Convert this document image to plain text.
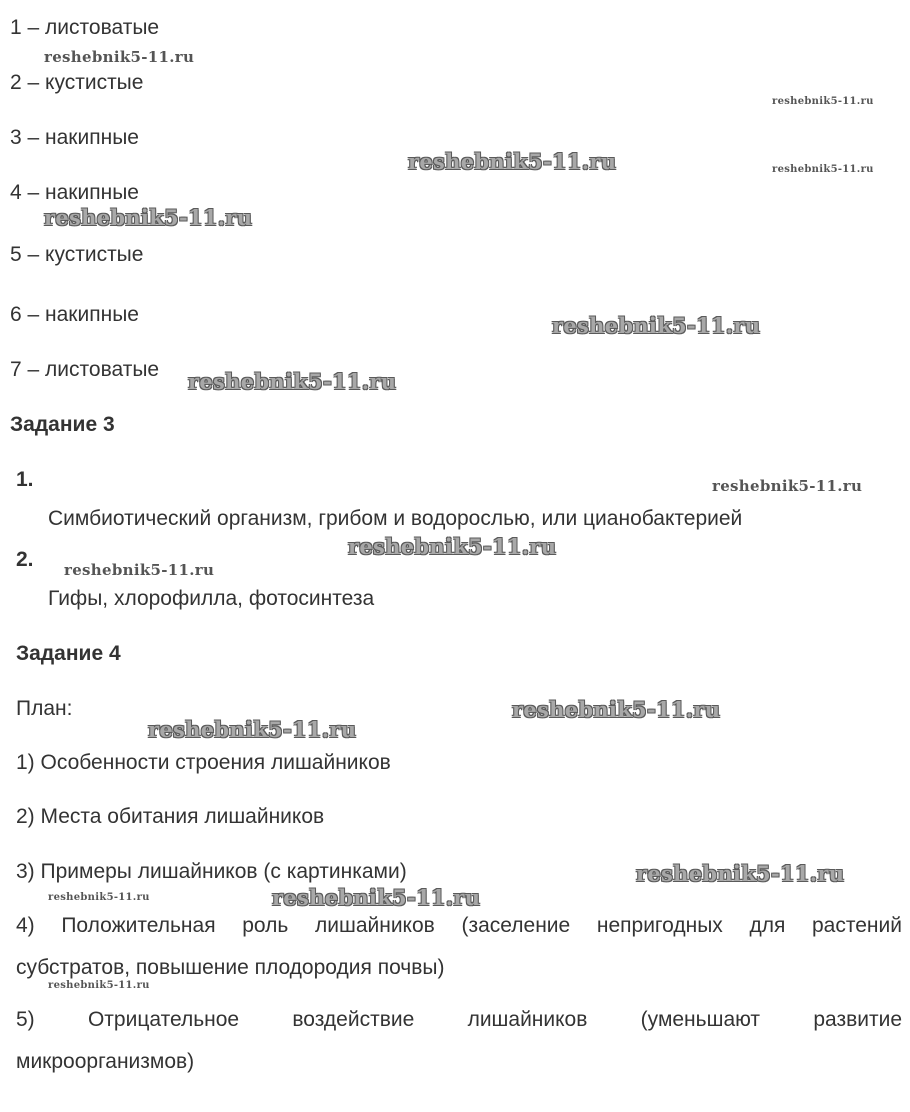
1 – листоватые
2 – кустистые
3 – накипные
4 – накипные
5 – кустистые
6 – накипные
7 – листоватые
Задание 3
1.
Симбиотический организм, грибом и водорослью, или цианобактерией
2.
Гифы, хлорофилла, фотосинтеза
Задание 4
План:
1) Особенности строения лишайников
2) Места обитания лишайников
3) Примеры лишайников (с картинками)
4) Положительная роль лишайников (заселение непригодных для растений
субстратов, повышение плодородия почвы)
5) Отрицательное воздействие лишайников (уменьшают развитие
микроорганизмов)
reshebnik5-11.ru
reshebnik5-11.ru
reshebnik5-11.ru	reshebnik5-11.ru
reshebnik5-11.ru
reshebnik5-11.ru
reshebnik5-11.ru
reshebnik5-11.ru
reshebnik5-11.ru
reshebnik5-11.ru
reshebnik5-11.ru
reshebnik5-11.ru
reshebnik5-11.ru
reshebnik5-11.ru	reshebnik5-11.ru
reshebnik5-11.ru
